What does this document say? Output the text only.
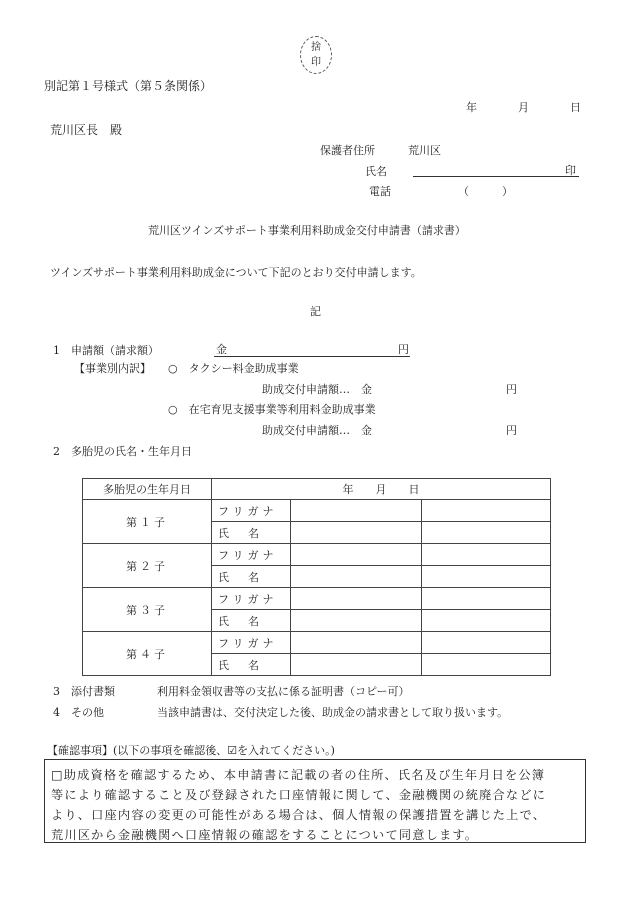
捨
印
別記第１号様式（第５条関係）
年	月	日
荒川区長　殿
保護者住所	荒川区
氏名	印
電話	（　　　）
荒川区ツインズサポート事業利用料助成金交付申請書（請求書）
ツインズサポート事業利用料助成金について下記のとおり交付申請します。
記
1　申請額（請求額）	金	円
【事業別内訳】 ○　タクシー料金助成事業
助成交付申請額…　金	円
○　在宅育児支援事業等利用料金助成事業
助成交付申請額…　金	円
2　多胎児の氏名・生年月日
多胎児の生年月日	年　　月　　日		
第１子	フリガナ		
	氏　名		
第２子	フリガナ		
	氏　名		
第３子	フリガナ		
	氏　名		
第４子	フリガナ		
	氏　名		
3　添付書類	利用料金領収書等の支払に係る証明書（コピー可）
4　その他	当該申請書は、交付決定した後、助成金の請求書として取り扱います。
【確認事項】(以下の事項を確認後、☑を入れてください。)
□助成資格を確認するため、本申請書に記載の者の住所、氏名及び生年月日を公簿
等により確認すること及び登録された口座情報に関して、金融機関の統廃合などに
より、口座内容の変更の可能性がある場合は、個人情報の保護措置を講じた上で、
荒川区から金融機関へ口座情報の確認をすることについて同意します。
